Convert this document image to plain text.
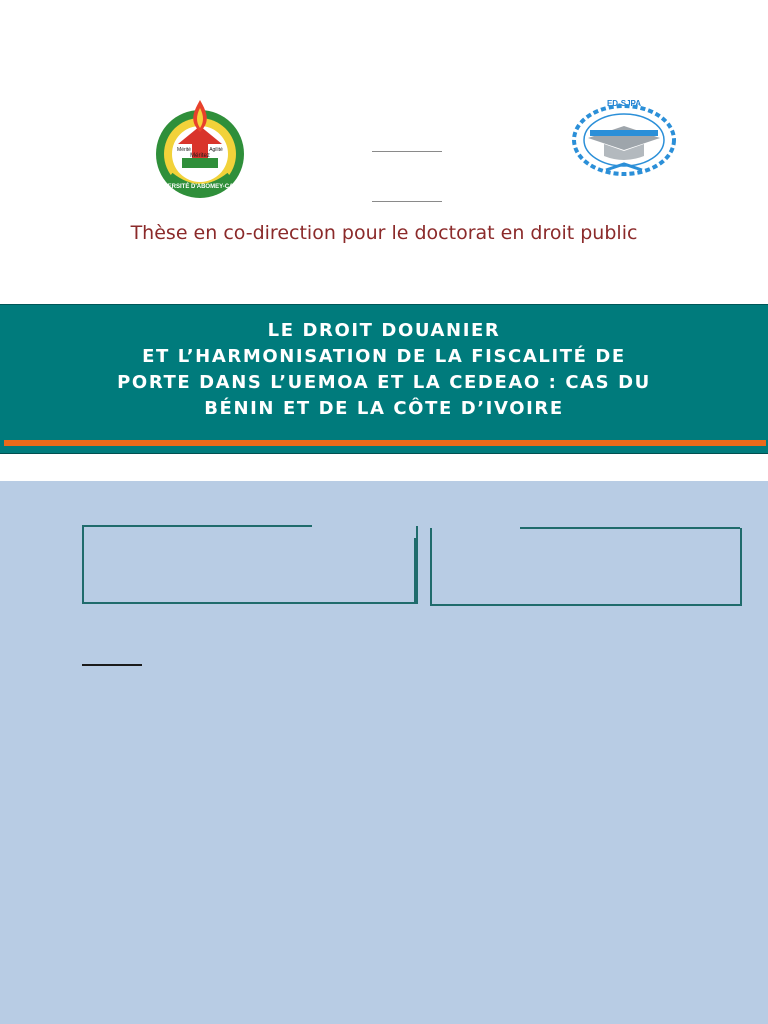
Méritez
Mérité	Agilité
UNIVERSITÉ D'ABOMEY-CALAVI
ED-SJPA
Thèse en co-direction pour le doctorat en droit public
LE DROIT DOUANIER
ET L’HARMONISATION DE LA FISCALITÉ DE
PORTE DANS L’UEMOA ET LA CEDEAO : CAS DU
BÉNIN ET DE LA CÔTE D’IVOIRE
